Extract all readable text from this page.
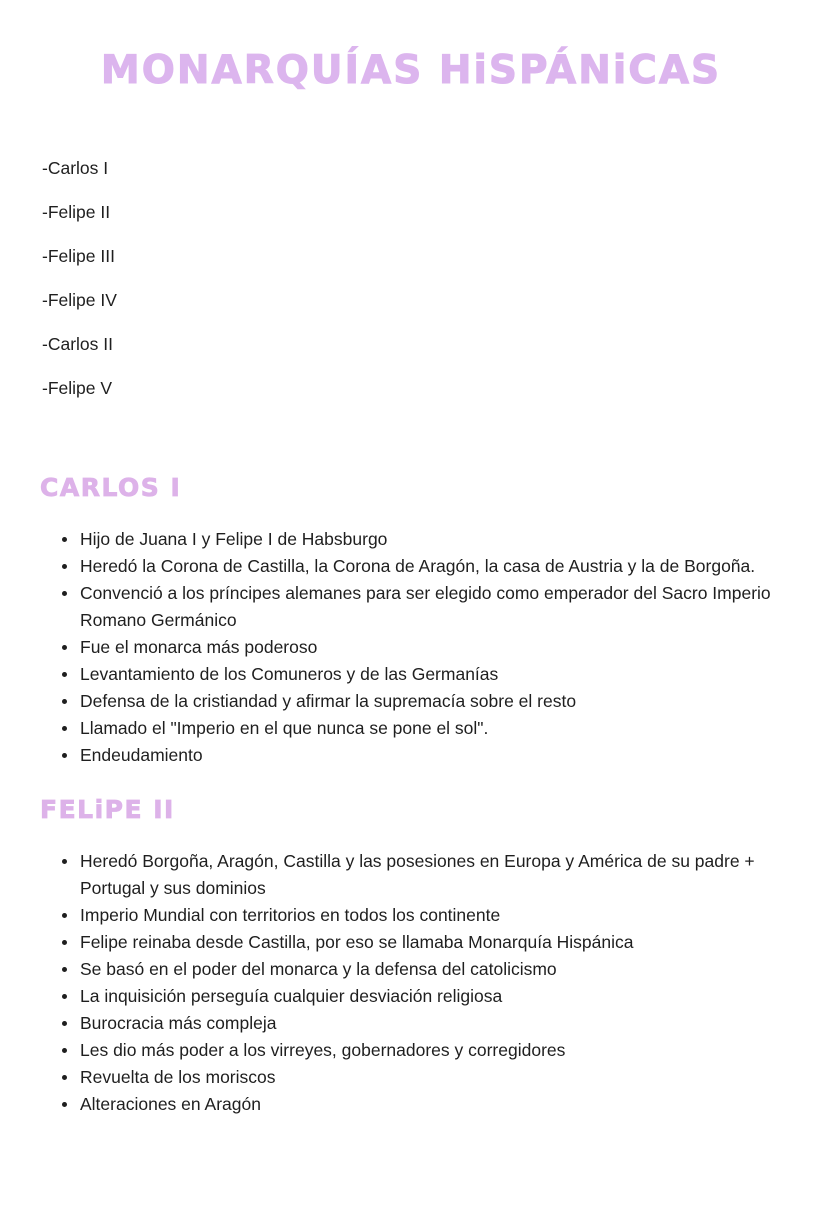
MONARQUÍAS HiSPÁNiCAS
-Carlos I
-Felipe II
-Felipe III
-Felipe IV
-Carlos II
-Felipe V
CARLOS I
Hijo de Juana I y Felipe I de Habsburgo
Heredó la Corona de Castilla, la Corona de Aragón, la casa de Austria y la de Borgoña.
Convenció a los príncipes alemanes para ser elegido como emperador del Sacro Imperio Romano Germánico
Fue el monarca más poderoso
Levantamiento de los Comuneros y de las Germanías
Defensa de la cristiandad y afirmar la supremacía sobre el resto
Llamado el "Imperio en el que nunca se pone el sol".
Endeudamiento
FELiPE II
Heredó Borgoña, Aragón, Castilla y las posesiones en Europa y América de su padre + Portugal y sus dominios
Imperio Mundial con territorios en todos los continente
Felipe reinaba desde Castilla, por eso se llamaba Monarquía Hispánica
Se basó en el poder del monarca y la defensa del catolicismo
La inquisición perseguía cualquier desviación religiosa
Burocracia más compleja
Les dio más poder a los virreyes, gobernadores y corregidores
Revuelta de los moriscos
Alteraciones en Aragón
